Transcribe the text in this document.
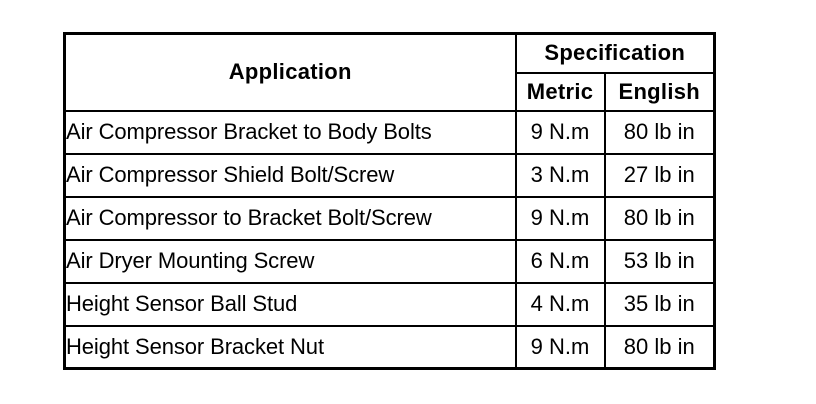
Application	Specification	
	Metric	English
Air Compressor Bracket to Body Bolts	9 N.m	80 lb in
Air Compressor Shield Bolt/Screw	3 N.m	27 lb in
Air Compressor to Bracket Bolt/Screw	9 N.m	80 lb in
Air Dryer Mounting Screw	6 N.m	53 lb in
Height Sensor Ball Stud	4 N.m	35 lb in
Height Sensor Bracket Nut	9 N.m	80 lb in
